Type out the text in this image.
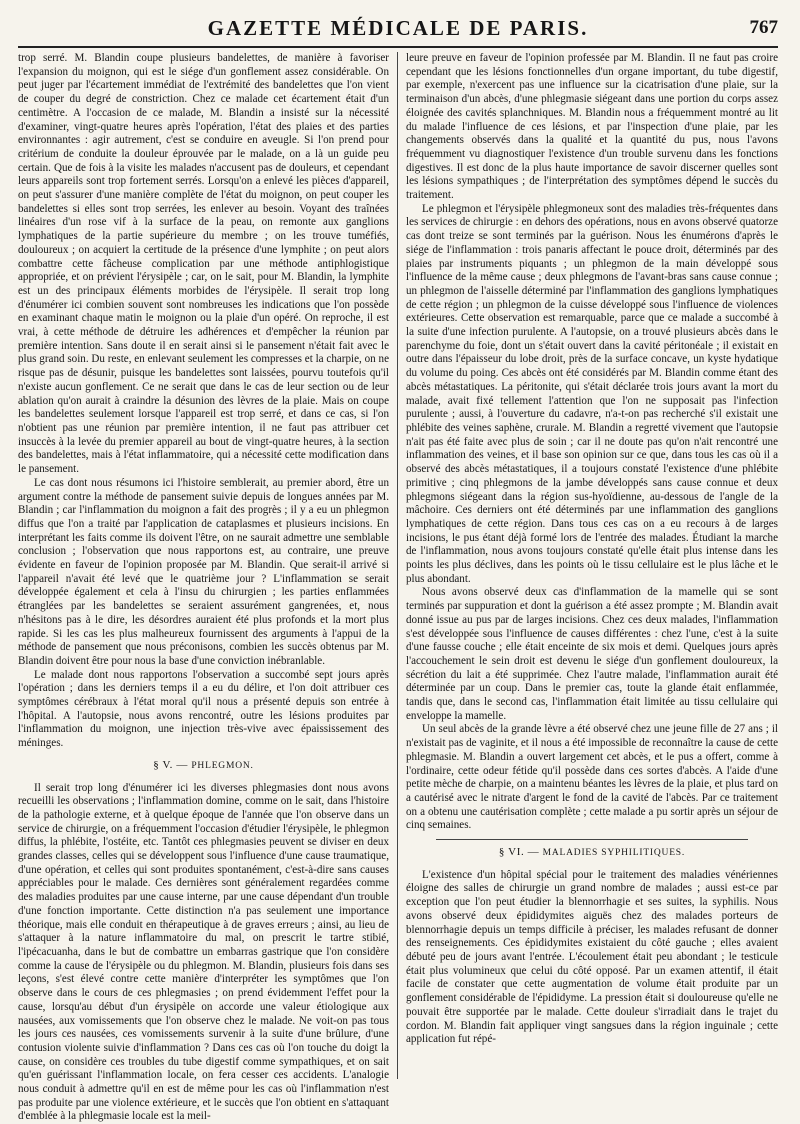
GAZETTE MÉDICALE DE PARIS.	767

trop serré. M. Blandin coupe plusieurs bandelettes, de manière à favoriser l'expansion du moignon, qui est le siége d'un gonflement assez considérable. On peut juger par l'écartement immédiat de l'extrémité des bandelettes que l'on vient de couper du degré de constriction. Chez ce malade cet écartement était d'un centimètre. A l'occasion de ce malade, M. Blandin a insisté sur la nécessité d'examiner, vingt-quatre heures après l'opération, l'état des plaies et des parties environnantes : agir autrement, c'est se conduire en aveugle. Si l'on prend pour critérium de conduite la douleur éprouvée par le malade, on a là un guide peu certain. Que de fois à la visite les malades n'accusent pas de douleurs, et cependant leurs appareils sont trop fortement serrés. Lorsqu'on a enlevé les pièces d'appareil, on peut s'assurer d'une manière complète de l'état du moignon, on peut couper les bandelettes si elles sont trop serrées, les enlever au besoin. Voyant des traînées linéaires d'un rose vif à la surface de la peau, on remonte aux ganglions lymphatiques de la partie supérieure du membre ; on les trouve tuméfiés, douloureux ; on acquiert la certitude de la présence d'une lymphite ; on peut alors combattre cette fâcheuse complication par une méthode antiphlogistique appropriée, et on prévient l'érysipèle ; car, on le sait, pour M. Blandin, la lymphite est un des principaux éléments morbides de l'érysipèle. Il serait trop long d'énumérer ici combien souvent sont nombreuses les indications que l'on possède en examinant chaque matin le moignon ou la plaie d'un opéré. On reproche, il est vrai, à cette méthode de détruire les adhérences et d'empêcher la réunion par première intention. Sans doute il en serait ainsi si le pansement n'était fait avec le plus grand soin. Du reste, en enlevant seulement les compresses et la charpie, on ne risque pas de désunir, puisque les bandelettes sont laissées, pourvu toutefois qu'il n'existe aucun gonflement. Ce ne serait que dans le cas de leur section ou de leur ablation qu'on aurait à craindre la désunion des lèvres de la plaie. Mais on coupe les bandelettes seulement lorsque l'appareil est trop serré, et dans ce cas, si l'on n'obtient pas une réunion par première intention, il ne faut pas attribuer cet insuccès à la levée du premier appareil au bout de vingt-quatre heures, à la section des bandelettes, mais à l'état inflammatoire, qui a nécessité cette modification dans le pansement.

Le cas dont nous résumons ici l'histoire semblerait, au premier abord, être un argument contre la méthode de pansement suivie depuis de longues années par M. Blandin ; car l'inflammation du moignon a fait des progrès ; il y a eu un phlegmon diffus que l'on a traité par l'application de cataplasmes et plusieurs incisions. En interprétant les faits comme ils doivent l'être, on ne saurait admettre une semblable conclusion ; l'observation que nous rapportons est, au contraire, une preuve évidente en faveur de l'opinion proposée par M. Blandin. Que serait-il arrivé si l'appareil n'avait été levé que le quatrième jour ? L'inflammation se serait développée également et cela à l'insu du chirurgien ; les parties enflammées étranglées par les bandelettes se seraient assurément gangrenées, et, nous n'hésitons pas à le dire, les désordres auraient été plus profonds et la mort plus rapide. Si les cas les plus malheureux fournissent des arguments à l'appui de la méthode de pansement que nous préconisons, combien les succès obtenus par M. Blandin doivent être pour nous la base d'une conviction inébranlable.

Le malade dont nous rapportons l'observation a succombé sept jours après l'opération ; dans les derniers temps il a eu du délire, et l'on doit attribuer ces symptômes cérébraux à l'état moral qu'il nous a présenté depuis son entrée à l'hôpital. A l'autopsie, nous avons rencontré, outre les lésions produites par l'inflammation du moignon, une injection très-vive avec épaississement des méninges.

§ V. — PHLEGMON.

Il serait trop long d'énumérer ici les diverses phlegmasies dont nous avons recueilli les observations ; l'inflammation domine, comme on le sait, dans l'histoire de la pathologie externe, et à quelque époque de l'année que l'on observe dans un service de chirurgie, on a fréquemment l'occasion d'étudier l'érysipèle, le phlegmon diffus, la phlébite, l'ostéite, etc. Tantôt ces phlegmasies peuvent se diviser en deux grandes classes, celles qui se développent sous l'influence d'une cause traumatique, d'une opération, et celles qui sont produites spontanément, c'est-à-dire sans causes appréciables pour le malade. Ces dernières sont généralement regardées comme des maladies produites par une cause interne, par une cause dépendant d'un trouble d'une fonction importante. Cette distinction n'a pas seulement une importance théorique, mais elle conduit en thérapeutique à de graves erreurs ; ainsi, au lieu de s'attaquer à la nature inflammatoire du mal, on prescrit le tartre stibié, l'ipécacuanha, dans le but de combattre un embarras gastrique que l'on considère comme la cause de l'érysipèle ou du phlegmon. M. Blandin, plusieurs fois dans ses leçons, s'est élevé contre cette manière d'interpréter les symptômes que l'on observe dans le cours de ces phlegmasies ; on prend évidemment l'effet pour la cause, lorsqu'au début d'un érysipèle on accorde une valeur étiologique aux nausées, aux vomissements que l'on observe chez le malade. Ne voit-on pas tous les jours ces nausées, ces vomissements survenir à la suite d'une brûlure, d'une contusion violente suivie d'inflammation ? Dans ces cas où l'on touche du doigt la cause, on considère ces troubles du tube digestif comme sympathiques, et on sait qu'en guérissant l'inflammation locale, on fera cesser ces accidents. L'analogie nous conduit à admettre qu'il en est de même pour les cas où l'inflammation n'est pas produite par une violence extérieure, et le succès que l'on obtient en s'attaquant d'emblée à la phlegmasie locale est la meil-

leure preuve en faveur de l'opinion professée par M. Blandin. Il ne faut pas croire cependant que les lésions fonctionnelles d'un organe important, du tube digestif, par exemple, n'exercent pas une influence sur la cicatrisation d'une plaie, sur la terminaison d'un abcès, d'une phlegmasie siégeant dans une portion du corps assez éloignée des cavités splanchniques. M. Blandin nous a fréquemment montré au lit du malade l'influence de ces lésions, et par l'inspection d'une plaie, par les changements observés dans la qualité et la quantité du pus, nous l'avons fréquemment vu diagnostiquer l'existence d'un trouble survenu dans les fonctions digestives. Il est donc de la plus haute importance de savoir discerner quelles sont les lésions sympathiques ; de l'interprétation des symptômes dépend le succès du traitement.

Le phlegmon et l'érysipèle phlegmoneux sont des maladies très-fréquentes dans les services de chirurgie : en dehors des opérations, nous en avons observé quatorze cas dont treize se sont terminés par la guérison. Nous les énumérons d'après le siége de l'inflammation : trois panaris affectant le pouce droit, déterminés par des plaies par instruments piquants ; un phlegmon de la main développé sous l'influence de la même cause ; deux phlegmons de l'avant-bras sans cause connue ; un phlegmon de l'aisselle déterminé par l'inflammation des ganglions lymphatiques de cette région ; un phlegmon de la cuisse développé sous l'influence de violences extérieures. Cette observation est remarquable, parce que ce malade a succombé à la suite d'une infection purulente. A l'autopsie, on a trouvé plusieurs abcès dans le parenchyme du foie, dont un s'était ouvert dans la cavité péritonéale ; il existait en outre dans l'épaisseur du lobe droit, près de la surface concave, un kyste hydatique du volume du poing. Ces abcès ont été considérés par M. Blandin comme étant des abcès métastatiques. La péritonite, qui s'était déclarée trois jours avant la mort du malade, avait fixé tellement l'attention que l'on ne supposait pas l'infection purulente ; aussi, à l'ouverture du cadavre, n'a-t-on pas recherché s'il existait une phlébite des veines saphène, crurale. M. Blandin a regretté vivement que l'autopsie n'ait pas été faite avec plus de soin ; car il ne doute pas qu'on n'ait rencontré une inflammation des veines, et il base son opinion sur ce que, dans tous les cas où il a observé des abcès métastatiques, il a toujours constaté l'existence d'une phlébite primitive ; cinq phlegmons de la jambe développés sans cause connue et deux phlegmons siégeant dans la région sus-hyoïdienne, au-dessous de l'angle de la mâchoire. Ces derniers ont été déterminés par une inflammation des ganglions lymphatiques de cette région. Dans tous ces cas on a eu recours à de larges incisions, le pus étant déjà formé lors de l'entrée des malades. Étudiant la marche de l'inflammation, nous avons toujours constaté qu'elle était plus intense dans les points les plus déclives, dans les points où le tissu cellulaire est le plus lâche et le plus abondant.

Nous avons observé deux cas d'inflammation de la mamelle qui se sont terminés par suppuration et dont la guérison a été assez prompte ; M. Blandin avait donné issue au pus par de larges incisions. Chez ces deux malades, l'inflammation s'est développée sous l'influence de causes différentes : chez l'une, c'est à la suite d'une fausse couche ; elle était enceinte de six mois et demi. Quelques jours après l'accouchement le sein droit est devenu le siége d'un gonflement douloureux, la sécrétion du lait a été supprimée. Chez l'autre malade, l'inflammation aurait été déterminée par un coup. Dans le premier cas, toute la glande était enflammée, tandis que, dans le second cas, l'inflammation était limitée au tissu cellulaire qui enveloppe la mamelle.

Un seul abcès de la grande lèvre a été observé chez une jeune fille de 27 ans ; il n'existait pas de vaginite, et il nous a été impossible de reconnaître la cause de cette phlegmasie. M. Blandin a ouvert largement cet abcès, et le pus a offert, comme à l'ordinaire, cette odeur fétide qu'il possède dans ces sortes d'abcès. A l'aide d'une petite mèche de charpie, on a maintenu béantes les lèvres de la plaie, et plus tard on a cautérisé avec le nitrate d'argent le fond de la cavité de l'abcès. Par ce traitement on a obtenu une cautérisation complète ; cette malade a pu sortir après un séjour de cinq semaines.

§ VI. — MALADIES SYPHILITIQUES.

L'existence d'un hôpital spécial pour le traitement des maladies vénériennes éloigne des salles de chirurgie un grand nombre de malades ; aussi est-ce par exception que l'on peut étudier la blennorrhagie et ses suites, la syphilis. Nous avons observé deux épididymites aiguës chez des malades porteurs de blennorrhagie depuis un temps difficile à préciser, les malades refusant de donner des renseignements. Ces épididymites existaient du côté gauche ; elles avaient débuté peu de jours avant l'entrée. L'écoulement était peu abondant ; le testicule était plus volumineux que celui du côté opposé. Par un examen attentif, il était facile de constater que cette augmentation de volume était produite par un gonflement considérable de l'épididyme. La pression était si douloureuse qu'elle ne pouvait être supportée par le malade. Cette douleur s'irradiait dans le trajet du cordon. M. Blandin fait appliquer vingt sangsues dans la région inguinale ; cette application fut répé-
